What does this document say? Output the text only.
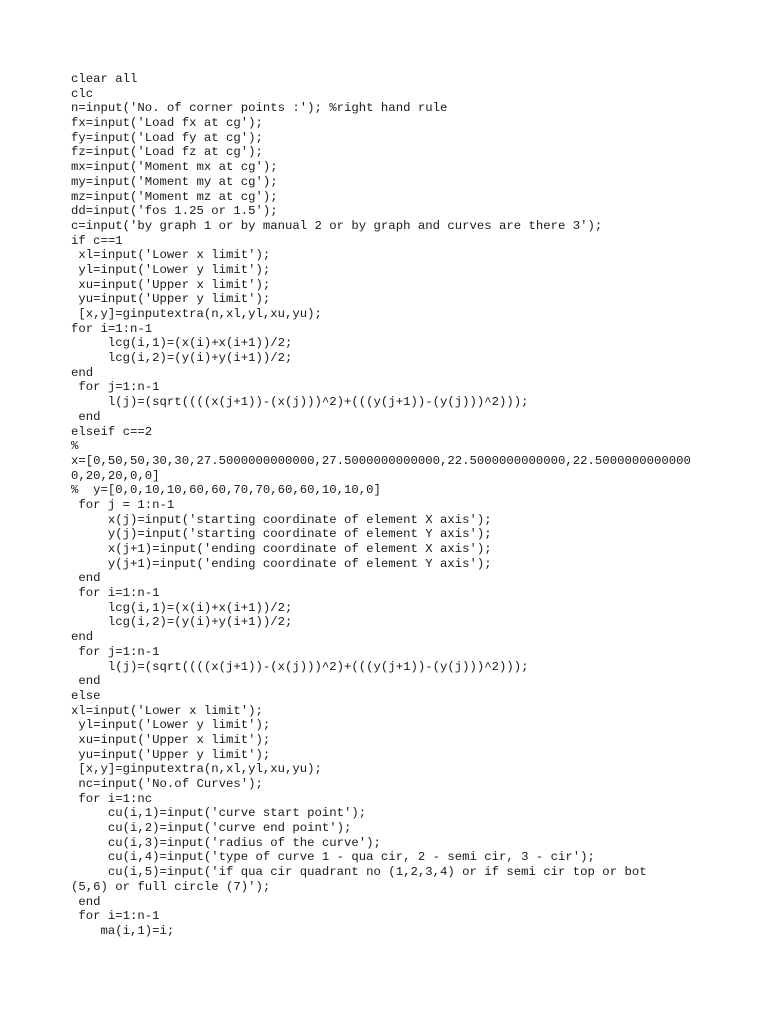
clear all
clc
n=input('No. of corner points :'); %right hand rule
fx=input('Load fx at cg');
fy=input('Load fy at cg');
fz=input('Load fz at cg');
mx=input('Moment mx at cg');
my=input('Moment my at cg');
mz=input('Moment mz at cg');
dd=input('fos 1.25 or 1.5');
c=input('by graph 1 or by manual 2 or by graph and curves are there 3');
if c==1
xl=input('Lower x limit');
yl=input('Lower y limit');
xu=input('Upper x limit');
yu=input('Upper y limit');
[x,y]=ginputextra(n,xl,yl,xu,yu);
for i=1:n-1
lcg(i,1)=(x(i)+x(i+1))/2;
lcg(i,2)=(y(i)+y(i+1))/2;
end
for j=1:n-1
l(j)=(sqrt((((x(j+1))-(x(j)))^2)+(((y(j+1))-(y(j)))^2)));
end
elseif c==2
%
x=[0,50,50,30,30,27.5000000000000,27.5000000000000,22.5000000000000,22.5000000000000
0,20,20,0,0]
%  y=[0,0,10,10,60,60,70,70,60,60,10,10,0]
for j = 1:n-1
x(j)=input('starting coordinate of element X axis');
y(j)=input('starting coordinate of element Y axis');
x(j+1)=input('ending coordinate of element X axis');
y(j+1)=input('ending coordinate of element Y axis');
end
for i=1:n-1
lcg(i,1)=(x(i)+x(i+1))/2;
lcg(i,2)=(y(i)+y(i+1))/2;
end
for j=1:n-1
l(j)=(sqrt((((x(j+1))-(x(j)))^2)+(((y(j+1))-(y(j)))^2)));
end
else
xl=input('Lower x limit');
yl=input('Lower y limit');
xu=input('Upper x limit');
yu=input('Upper y limit');
[x,y]=ginputextra(n,xl,yl,xu,yu);
nc=input('No.of Curves');
for i=1:nc
cu(i,1)=input('curve start point');
cu(i,2)=input('curve end point');
cu(i,3)=input('radius of the curve');
cu(i,4)=input('type of curve 1 - qua cir, 2 - semi cir, 3 - cir');
cu(i,5)=input('if qua cir quadrant no (1,2,3,4) or if semi cir top or bot
(5,6) or full circle (7)');
end
for i=1:n-1
ma(i,1)=i;
